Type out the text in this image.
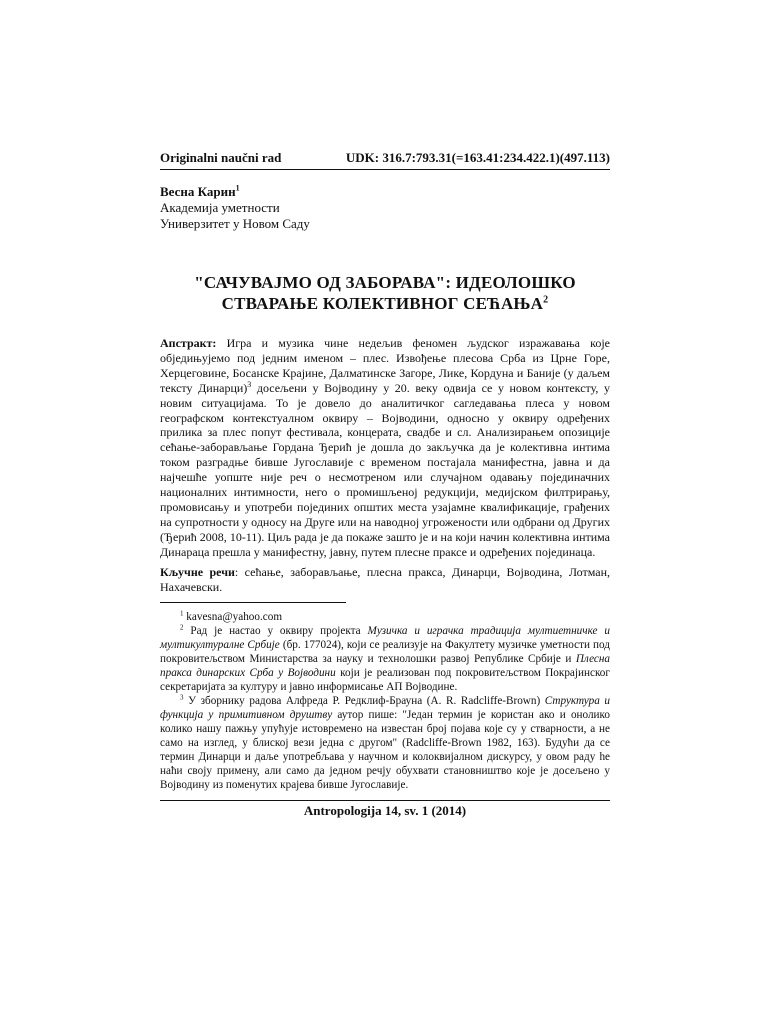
Originalni naučni rad	UDK: 316.7:793.31(=163.41:234.422.1)(497.113)
Весна Карин$^1$
Академија уметности
Универзитет у Новом Саду
"САЧУВАЈМО ОД ЗАБОРАВА": ИДЕОЛОШКО
СТВАРАЊЕ КОЛЕКТИВНОГ СЕЋАЊА$^2$
Апстракт: Игра и музика чине недељив феномен људског изражавања које обједињујемо под једним именом – плес. Извођење плесова Срба из Црне Горе, Херцеговине, Босанске Крајине, Далматинске Загоре, Лике, Кордуна и Баније (у даљем тексту Динарци)$^3$ досељени у Војводину у 20. веку одвија се у новом контексту, у новим ситуацијама. То је довело до аналитичког сагледавања плеса у новом географском контекстуалном оквиру – Војводини, односно у оквиру одређених прилика за плес попут фестивала, концерата, свадбе и сл. Анализирањем опозиције сећање-заборављање Гордана Ђерић је дошла до закључка да је колективна интима током разградње бивше Југославије с временом постајала манифестна, јавна и да најчешће уопште није реч о несмотреном или случајном одавању појединачних националних интимности, него о промишљеној редукцији, медијском филтрирању, промовисању и употреби појединих општих места узајамне квалификације, грађених на супротности у односу на Друге или на наводној угрожености или одбрани од Других (Ђерић 2008, 10-11). Циљ рада је да покаже зашто је и на који начин колективна интима Динараца прешла у манифестну, јавну, путем плесне праксе и одређених појединаца.
Кључне речи: сећање, заборављање, плесна пракса, Динарци, Војводина, Лотман, Нахачевски.
$^1$ kavesna@yahoo.com
$^2$ Рад је настао у оквиру пројекта Музичка и играчка традиција мултиетничке и мултикултуралне Србије (бр. 177024), који се реализује на Факултету музичке уметности под покровитељством Министарства за науку и технолошки развој Републике Србије и Плесна пракса динарских Срба у Војводини који је реализован под покровитељством Покрајинског секретаријата за културу и јавно информисање АП Војводине.
$^3$ У зборнику радова Алфреда Р. Редклиф-Брауна (A. R. Radcliffe-Brown) Структура и функција у примитивном друштву аутор пише: "Један термин је користан ако и онолико колико нашу пажњу упућује истовремено на известан број појава које су у стварности, а не само на изглед, у блиској вези једна с другом" (Radcliffe-Brown 1982, 163). Будући да се термин Динарци и даље употребљава у научном и колоквијалном дискурсу, у овом раду he наћи своју примену, али само да једном речју обухвати становништво које је досељено у Војводину из поменутих крајева бивше Југославије.
Antropologija 14, sv. 1 (2014)
